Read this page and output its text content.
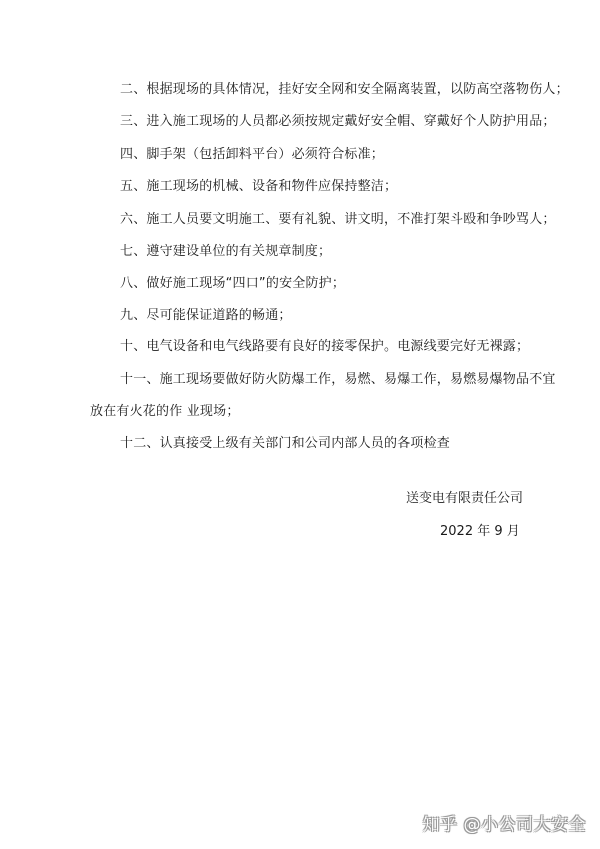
二、根据现场的具体情况，挂好安全网和安全隔离装置，以防高空落物伤人；
三、进入施工现场的人员都必须按规定戴好安全帽、穿戴好个人防护用品；
四、脚手架（包括卸料平台）必须符合标准；
五、施工现场的机械、设备和物件应保持整洁；
六、施工人员要文明施工、要有礼貌、讲文明，不准打架斗殴和争吵骂人；
七、遵守建设单位的有关规章制度；
八、做好施工现场“四口”的安全防护；
九、尽可能保证道路的畅通；
十、电气设备和电气线路要有良好的接零保护。电源线要完好无裸露；
十一、施工现场要做好防火防爆工作，易燃、易爆工作，易燃易爆物品不宜
放在有火花的作 业现场；
十二、认真接受上级有关部门和公司内部人员的各项检查
送变电有限责任公司
2022 年 9 月
知乎 @小公司大安全
